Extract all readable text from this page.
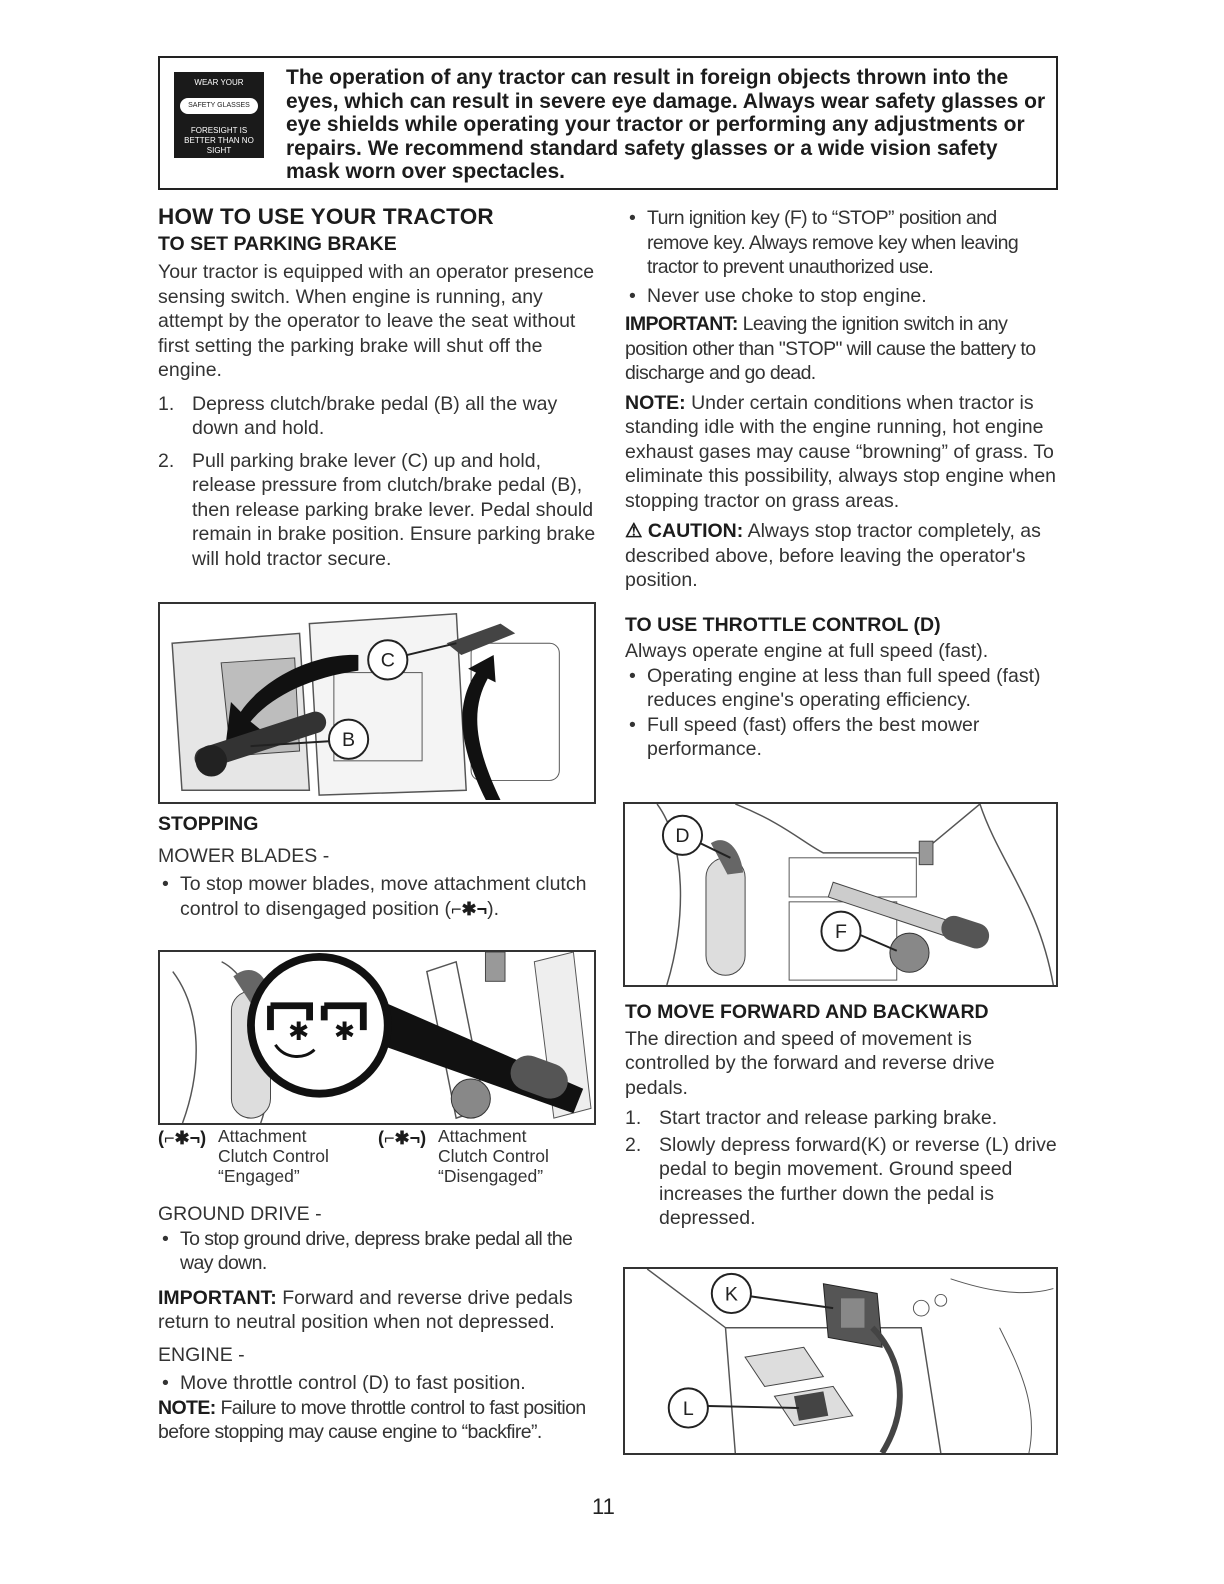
WEAR YOUR
SAFETY GLASSES
FORESIGHT IS BETTER THAN NO SIGHT
The operation of any tractor can result in foreign objects thrown into the eyes, which can result in severe eye damage. Always wear safety glasses or eye shields while operating your tractor or performing any adjustments or repairs. We recommend standard safety glasses or a wide vision safety mask worn over spectacles.
HOW TO USE YOUR TRACTOR
TO SET PARKING BRAKE

Your tractor is equipped with an operator presence sensing switch. When engine is running, any attempt by the operator to leave the seat without first setting the parking brake will shut off the engine.

1. Depress clutch/brake pedal (B) all the way down and hold.
2. Pull parking brake lever (C) up and hold, release pressure from clutch/brake pedal (B), then release parking brake lever. Pedal should remain in brake position. Ensure parking brake will hold tractor secure.
C
B
STOPPING

MOWER BLADES -

• To stop mower blades, move attachment clutch control to disengaged position (⌐✱¬).
✱ ✱
(⌐✱¬) Attachment
Clutch Control
“Engaged”
(⌐✱¬) Attachment
Clutch Control
“Disengaged”

GROUND DRIVE -

• To stop ground drive, depress brake pedal all the way down.

IMPORTANT: Forward and reverse drive pedals return to neutral position when not depressed.

ENGINE -

• Move throttle control (D) to fast position.

NOTE: Failure to move throttle control to fast position before stopping may cause engine to “backfire”.

• Turn ignition key (F) to “STOP” position and remove key. Always remove key when leaving tractor to prevent unauthorized use.
• Never use choke to stop engine.

IMPORTANT: Leaving the ignition switch in any position other than "STOP" will cause the battery to discharge and go dead.

NOTE: Under certain conditions when tractor is standing idle with the engine running, hot engine exhaust gases may cause “browning” of grass. To eliminate this possibility, always stop engine when stopping tractor on grass areas.

⚠ CAUTION: Always stop tractor completely, as described above, before leaving the operator's position.

TO USE THROTTLE CONTROL (D)

Always operate engine at full speed (fast).

• Operating engine at less than full speed (fast) reduces engine's operating efficiency.
• Full speed (fast) offers the best mower performance.
D
F
TO MOVE FORWARD AND BACKWARD

The direction and speed of movement is controlled by the forward and reverse drive pedals.

1. Start tractor and release parking brake.
2. Slowly depress forward(K) or reverse (L) drive pedal to begin movement. Ground speed increases the further down the pedal is depressed.
K
L
11
